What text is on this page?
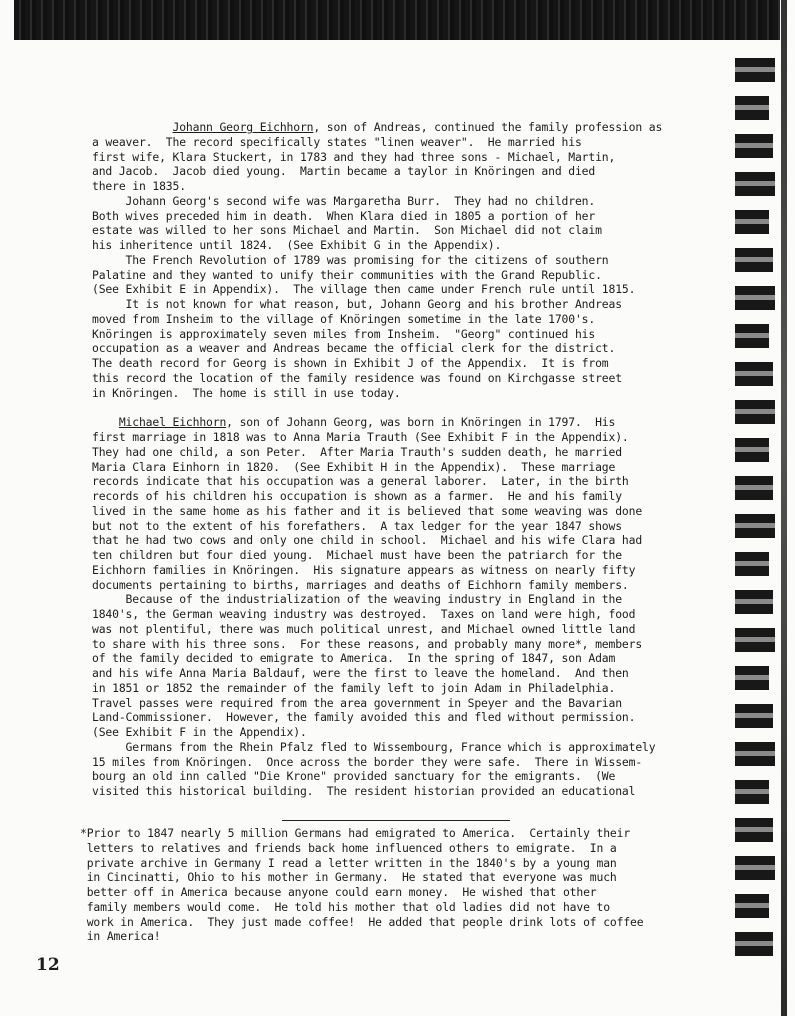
Johann Georg Eichhorn, son of Andreas, continued the family profession as

a weaver.  The record specifically states "linen weaver".  He married his

first wife, Klara Stuckert, in 1783 and they had three sons - Michael, Martin,

and Jacob.  Jacob died young.  Martin became a taylor in Knöringen and died

there in 1835.

Johann Georg's second wife was Margaretha Burr.  They had no children.

Both wives preceded him in death.  When Klara died in 1805 a portion of her

estate was willed to her sons Michael and Martin.  Son Michael did not claim

his inheritence until 1824.  (See Exhibit G in the Appendix).

The French Revolution of 1789 was promising for the citizens of southern

Palatine and they wanted to unify their communities with the Grand Republic.

(See Exhibit E in Appendix).  The village then came under French rule until 1815.

It is not known for what reason, but, Johann Georg and his brother Andreas

moved from Insheim to the village of Knöringen sometime in the late 1700's.

Knöringen is approximately seven miles from Insheim.  "Georg" continued his

occupation as a weaver and Andreas became the official clerk for the district.

The death record for Georg is shown in Exhibit J of the Appendix.  It is from

this record the location of the family residence was found on Kirchgasse street

in Knöringen.  The home is still in use today.

Michael Eichhorn, son of Johann Georg, was born in Knöringen in 1797.  His

first marriage in 1818 was to Anna Maria Trauth (See Exhibit F in the Appendix).

They had one child, a son Peter.  After Maria Trauth's sudden death, he married

Maria Clara Einhorn in 1820.  (See Exhibit H in the Appendix).  These marriage

records indicate that his occupation was a general laborer.  Later, in the birth

records of his children his occupation is shown as a farmer.  He and his family

lived in the same home as his father and it is believed that some weaving was done

but not to the extent of his forefathers.  A tax ledger for the year 1847 shows

that he had two cows and only one child in school.  Michael and his wife Clara had

ten children but four died young.  Michael must have been the patriarch for the

Eichhorn families in Knöringen.  His signature appears as witness on nearly fifty

documents pertaining to births, marriages and deaths of Eichhorn family members.

Because of the industrialization of the weaving industry in England in the

1840's, the German weaving industry was destroyed.  Taxes on land were high, food

was not plentiful, there was much political unrest, and Michael owned little land

to share with his three sons.  For these reasons, and probably many more*, members

of the family decided to emigrate to America.  In the spring of 1847, son Adam

and his wife Anna Maria Baldauf, were the first to leave the homeland.  And then

in 1851 or 1852 the remainder of the family left to join Adam in Philadelphia.

Travel passes were required from the area government in Speyer and the Bavarian

Land-Commissioner.  However, the family avoided this and fled without permission.

(See Exhibit F in the Appendix).

Germans from the Rhein Pfalz fled to Wissembourg, France which is approximately

15 miles from Knöringen.  Once across the border they were safe.  There in Wissem-

bourg an old inn called "Die Krone" provided sanctuary for the emigrants.  (We

visited this historical building.  The resident historian provided an educational

*Prior to 1847 nearly 5 million Germans had emigrated to America.  Certainly their

letters to relatives and friends back home influenced others to emigrate.  In a

private archive in Germany I read a letter written in the 1840's by a young man

in Cincinatti, Ohio to his mother in Germany.  He stated that everyone was much

better off in America because anyone could earn money.  He wished that other

family members would come.  He told his mother that old ladies did not have to

work in America.  They just made coffee!  He added that people drink lots of coffee

in America!

12
